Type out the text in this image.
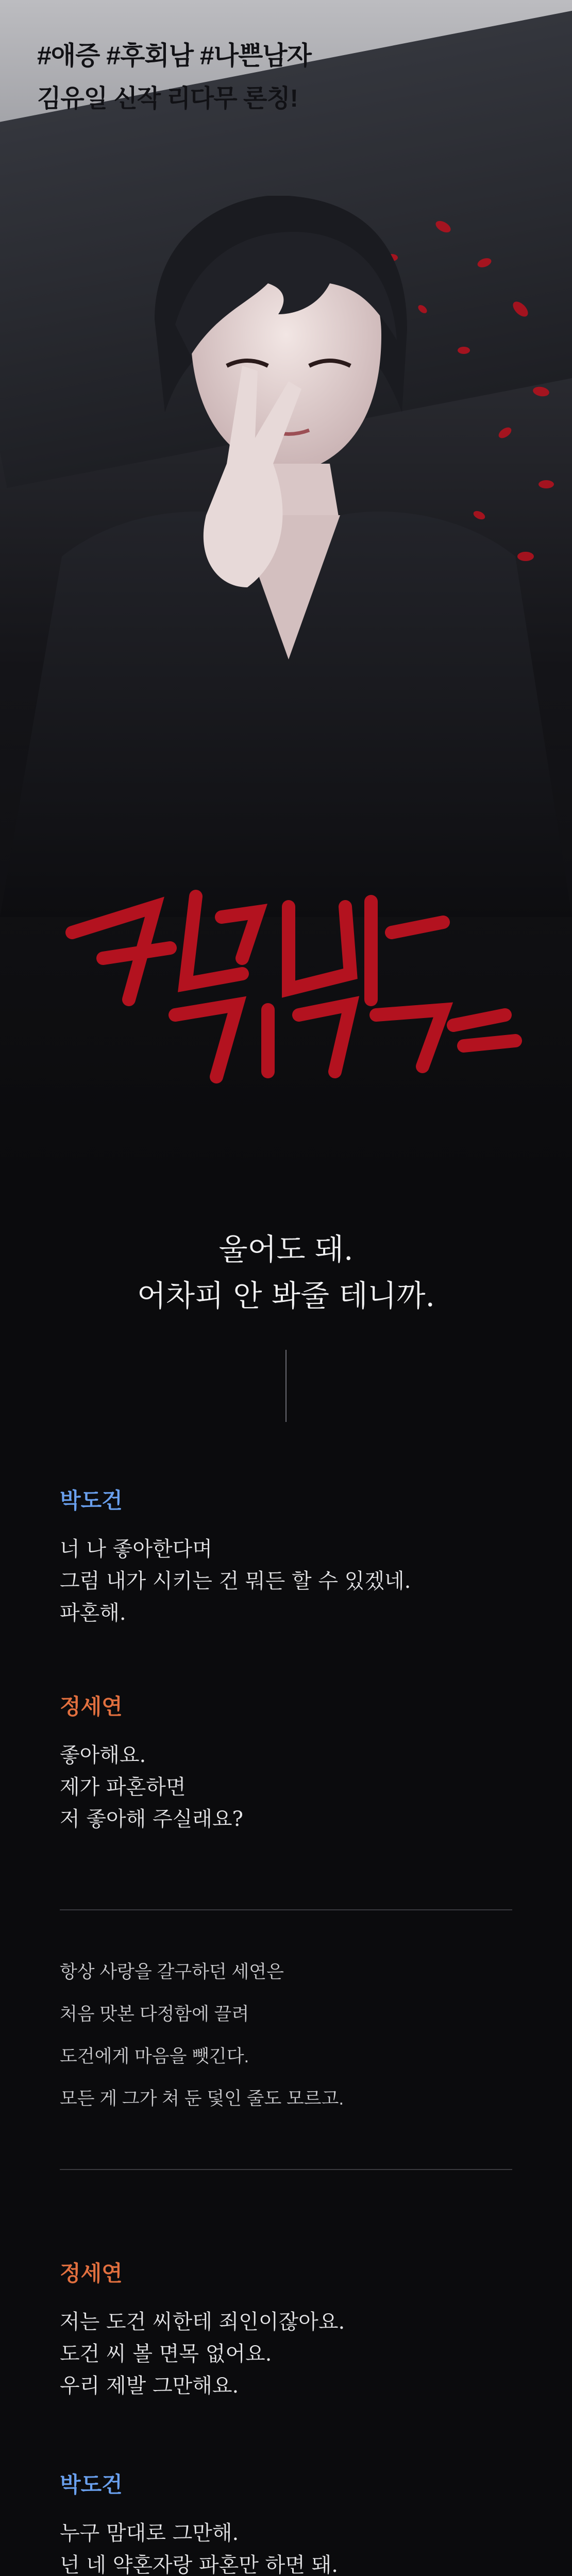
#애증 #후회남 #나쁜남자
김유일 신작 리다무 론칭!
울어도 돼.
어차피 안 봐줄 테니까.
박도건
너 나 좋아한다며
그럼 내가 시키는 건 뭐든 할 수 있겠네.
파혼해.
정세연
좋아해요.
제가 파혼하면
저 좋아해 주실래요?
항상 사랑을 갈구하던 세연은
처음 맛본 다정함에 끌려
도건에게 마음을 뺏긴다.
모든 게 그가 쳐 둔 덫인 줄도 모르고.
정세연
저는 도건 씨한테 죄인이잖아요.
도건 씨 볼 면목 없어요.
우리 제발 그만해요.
박도건
누구 맘대로 그만해.
넌 네 약혼자랑 파혼만 하면 돼.
